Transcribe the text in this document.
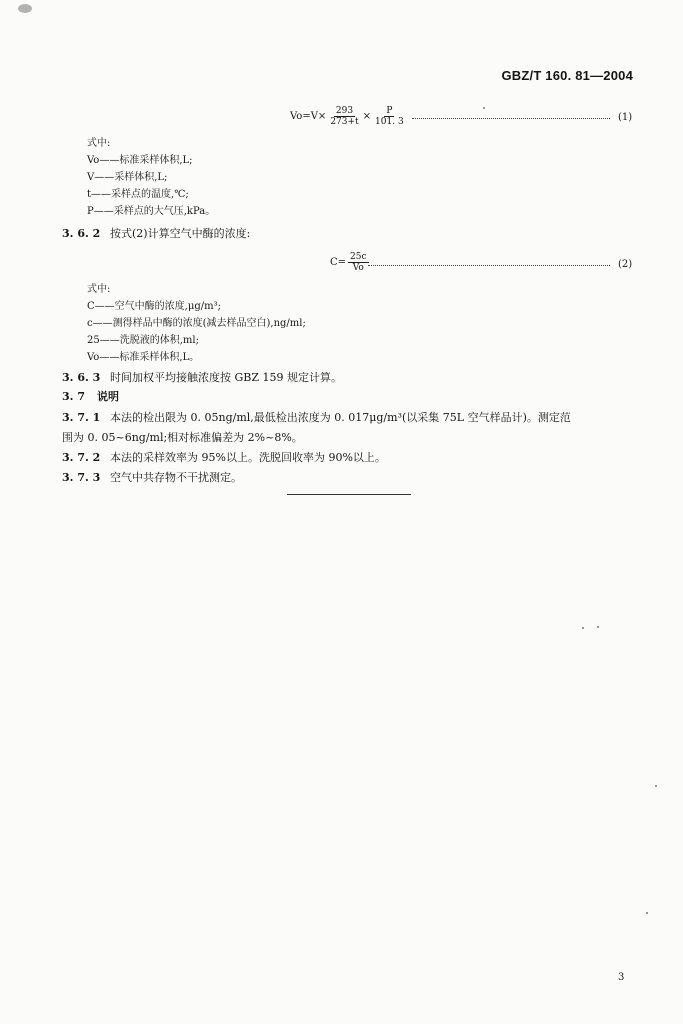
GBZ/T 160. 81—2004
$Vo=V\times \frac{293}{273+t} \times \frac{P}{101. 3}$	(1)
式中:
Vo——标准采样体积,L;
V——采样体积,L;
t——采样点的温度,℃;
P——采样点的大气压,kPa。
3. 6. 2 按式(2)计算空气中酶的浓度:
$C= \frac{25c}{Vo}$	(2)
式中:
C——空气中酶的浓度,μg/m³;
c——测得样品中酶的浓度(减去样品空白),ng/ml;
25——洗脱液的体积,ml;
Vo——标准采样体积,L。
3. 6. 3 时间加权平均接触浓度按 GBZ 159 规定计算。
3. 7 说明
3. 7. 1 本法的检出限为 0. 05ng/ml,最低检出浓度为 0. 017μg/m³(以采集 75L 空气样品计)。测定范
围为 0. 05~6ng/ml;相对标准偏差为 2%~8%。
3. 7. 2 本法的采样效率为 95%以上。洗脱回收率为 90%以上。
3. 7. 3 空气中共存物不干扰测定。
3
